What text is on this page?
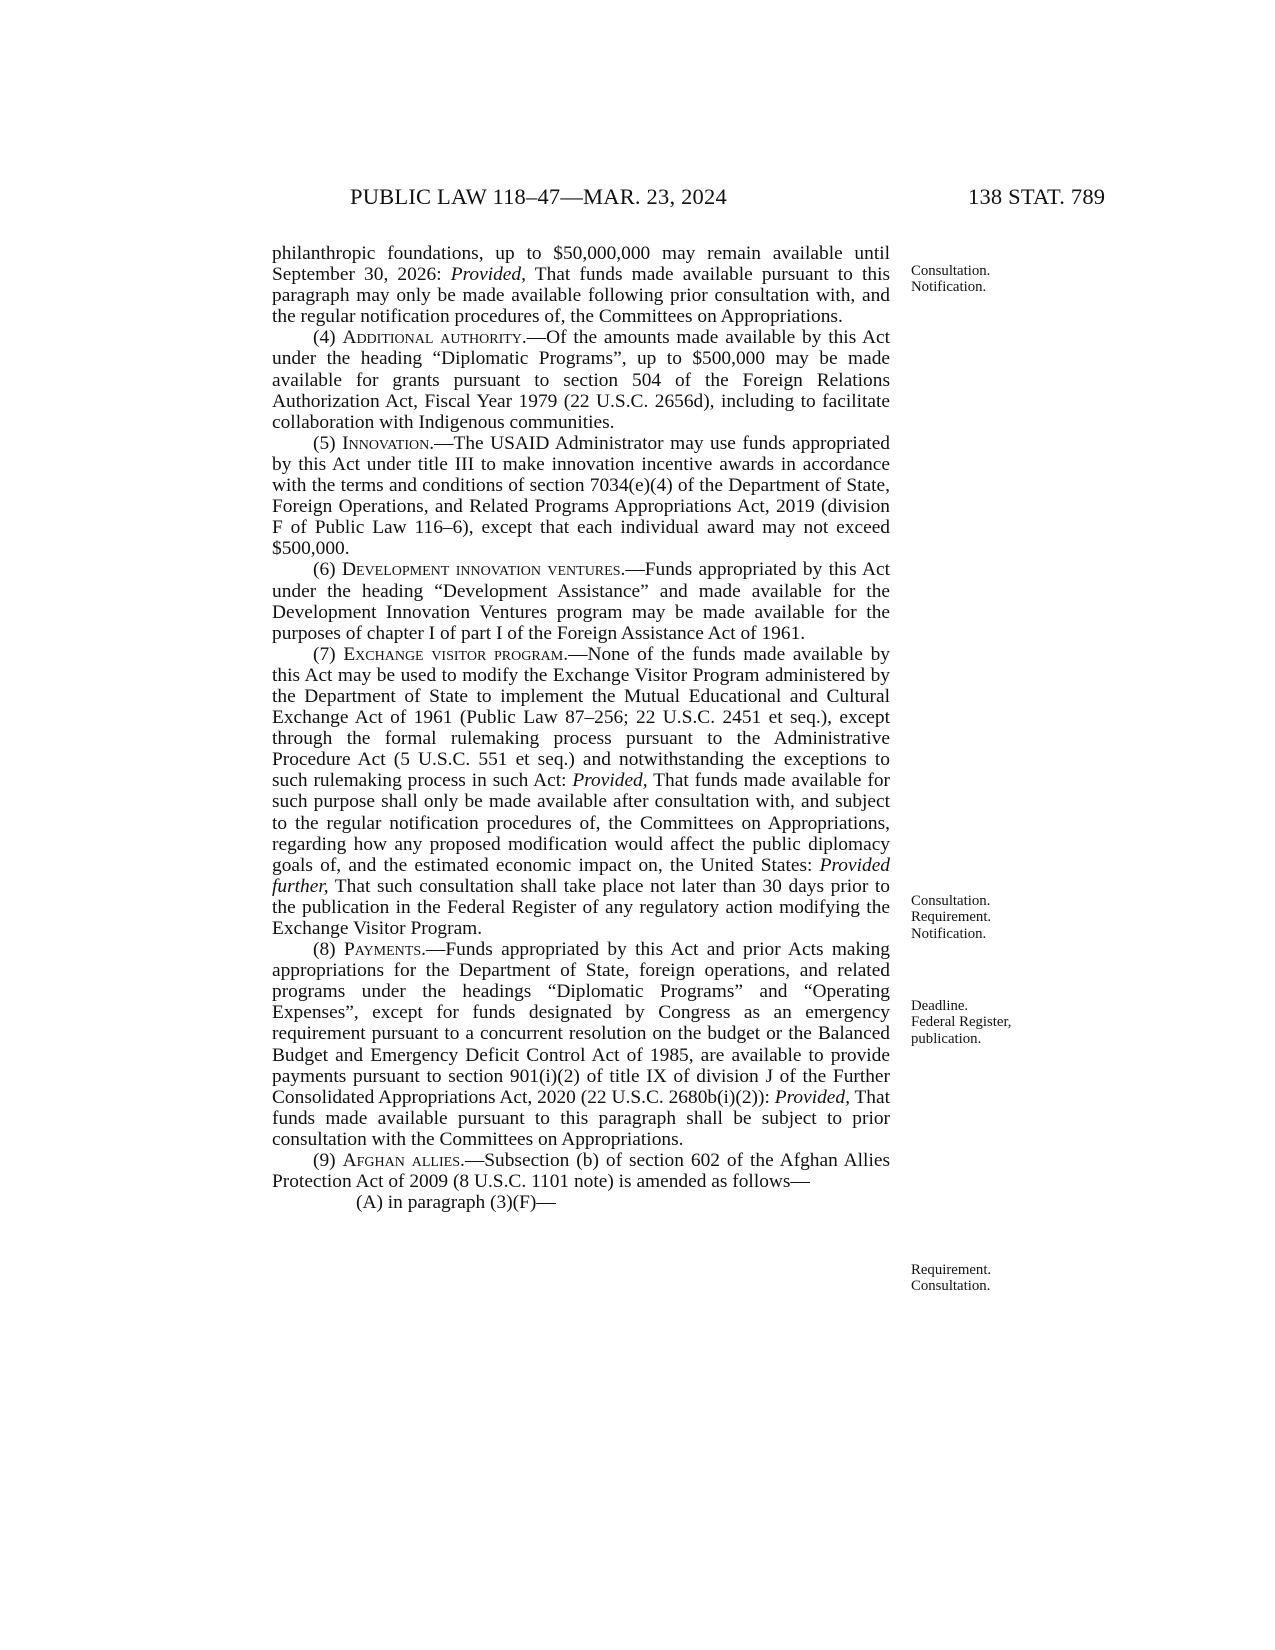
PUBLIC LAW 118–47—MAR. 23, 2024	138 STAT. 789

philanthropic foundations, up to $50,000,000 may remain available until September 30, 2026: Provided, That funds made available pursuant to this paragraph may only be made available following prior consultation with, and the regular notification procedures of, the Committees on Appropriations.

(4) Additional authority.—Of the amounts made available by this Act under the heading “Diplomatic Programs”, up to $500,000 may be made available for grants pursuant to section 504 of the Foreign Relations Authorization Act, Fiscal Year 1979 (22 U.S.C. 2656d), including to facilitate collaboration with Indigenous communities.

(5) Innovation.—The USAID Administrator may use funds appropriated by this Act under title III to make innovation incentive awards in accordance with the terms and conditions of section 7034(e)(4) of the Department of State, Foreign Operations, and Related Programs Appropriations Act, 2019 (division F of Public Law 116–6), except that each individual award may not exceed $500,000.

(6) Development innovation ventures.—Funds appropriated by this Act under the heading “Development Assistance” and made available for the Development Innovation Ventures program may be made available for the purposes of chapter I of part I of the Foreign Assistance Act of 1961.

(7) Exchange visitor program.—None of the funds made available by this Act may be used to modify the Exchange Visitor Program administered by the Department of State to implement the Mutual Educational and Cultural Exchange Act of 1961 (Public Law 87–256; 22 U.S.C. 2451 et seq.), except through the formal rulemaking process pursuant to the Administrative Procedure Act (5 U.S.C. 551 et seq.) and notwithstanding the exceptions to such rulemaking process in such Act: Provided, That funds made available for such purpose shall only be made available after consultation with, and subject to the regular notification procedures of, the Committees on Appropriations, regarding how any proposed modification would affect the public diplomacy goals of, and the estimated economic impact on, the United States: Provided further, That such consultation shall take place not later than 30 days prior to the publication in the Federal Register of any regulatory action modifying the Exchange Visitor Program.

(8) Payments.—Funds appropriated by this Act and prior Acts making appropriations for the Department of State, foreign operations, and related programs under the headings “Diplomatic Programs” and “Operating Expenses”, except for funds designated by Congress as an emergency requirement pursuant to a concurrent resolution on the budget or the Balanced Budget and Emergency Deficit Control Act of 1985, are available to provide payments pursuant to section 901(i)(2) of title IX of division J of the Further Consolidated Appropriations Act, 2020 (22 U.S.C. 2680b(i)(2)): Provided, That funds made available pursuant to this paragraph shall be subject to prior consultation with the Committees on Appropriations.

(9) Afghan allies.—Subsection (b) of section 602 of the Afghan Allies Protection Act of 2009 (8 U.S.C. 1101 note) is amended as follows—

(A) in paragraph (3)(F)—

Consultation.
Notification.
Consultation.
Requirement.
Notification.
Deadline.
Federal Register,
publication.
Requirement.
Consultation.
